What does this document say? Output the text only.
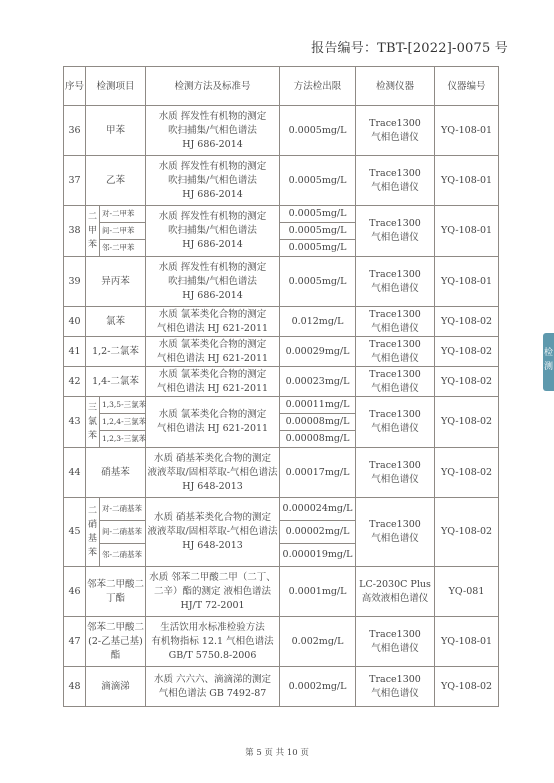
报告编号：TBT-[2022]-0075 号
序号	检测项目		检测方法及标准号	方法检出限	检测仪器	仪器编号
36	甲苯		水质 挥发性有机物的测定
吹扫捕集/气相色谱法
HJ 686-2014	0.0005mg/L	Trace1300
气相色谱仪	YQ-108-01
37	乙苯		水质 挥发性有机物的测定
吹扫捕集/气相色谱法
HJ 686-2014	0.0005mg/L	Trace1300
气相色谱仪	YQ-108-01
38	二
甲
苯	对-二甲苯	水质 挥发性有机物的测定
吹扫捕集/气相色谱法
HJ 686-2014	0.0005mg/L	Trace1300
气相色谱仪	YQ-108-01
		间-二甲苯		0.0005mg/L		
		邻-二甲苯		0.0005mg/L		
39	异丙苯		水质 挥发性有机物的测定
吹扫捕集/气相色谱法
HJ 686-2014	0.0005mg/L	Trace1300
气相色谱仪	YQ-108-01
40	氯苯		水质 氯苯类化合物的测定
气相色谱法 HJ 621-2011	0.012mg/L	Trace1300
气相色谱仪	YQ-108-02
41	1,2-二氯苯		水质 氯苯类化合物的测定
气相色谱法 HJ 621-2011	0.00029mg/L	Trace1300
气相色谱仪	YQ-108-02
42	1,4-二氯苯		水质 氯苯类化合物的测定
气相色谱法 HJ 621-2011	0.00023mg/L	Trace1300
气相色谱仪	YQ-108-02
43	三
氯
苯	1,3,5-三氯苯	水质 氯苯类化合物的测定
气相色谱法 HJ 621-2011	0.00011mg/L	Trace1300
气相色谱仪	YQ-108-02
		1,2,4-三氯苯		0.00008mg/L		
		1,2,3-三氯苯		0.00008mg/L		
44	硝基苯		水质 硝基苯类化合物的测定
液液萃取/固相萃取-气相色谱法
HJ 648-2013	0.00017mg/L	Trace1300
气相色谱仪	YQ-108-02
45	二
硝
基
苯	对-二硝基苯	水质 硝基苯类化合物的测定
液液萃取/固相萃取-气相色谱法
HJ 648-2013	0.000024mg/L	Trace1300
气相色谱仪	YQ-108-02
		间-二硝基苯		0.00002mg/L		
		邻-二硝基苯		0.000019mg/L		
46	邻苯二甲酸二
丁酯		水质 邻苯二甲酸二甲（二丁、
二辛）酯的测定 液相色谱法
HJ/T 72-2001	0.0001mg/L	LC-2030C Plus
高效液相色谱仪	YQ-081
47	邻苯二甲酸二
(2-乙基己基)
酯		生活饮用水标准检验方法
有机物指标 12.1 气相色谱法
GB/T 5750.8-2006	0.002mg/L	Trace1300
气相色谱仪	YQ-108-01
48	滴滴涕		水质 六六六、滴滴涕的测定
气相色谱法 GB 7492-87	0.0002mg/L	Trace1300
气相色谱仪	YQ-108-02
第 5 页 共 10 页
检测
